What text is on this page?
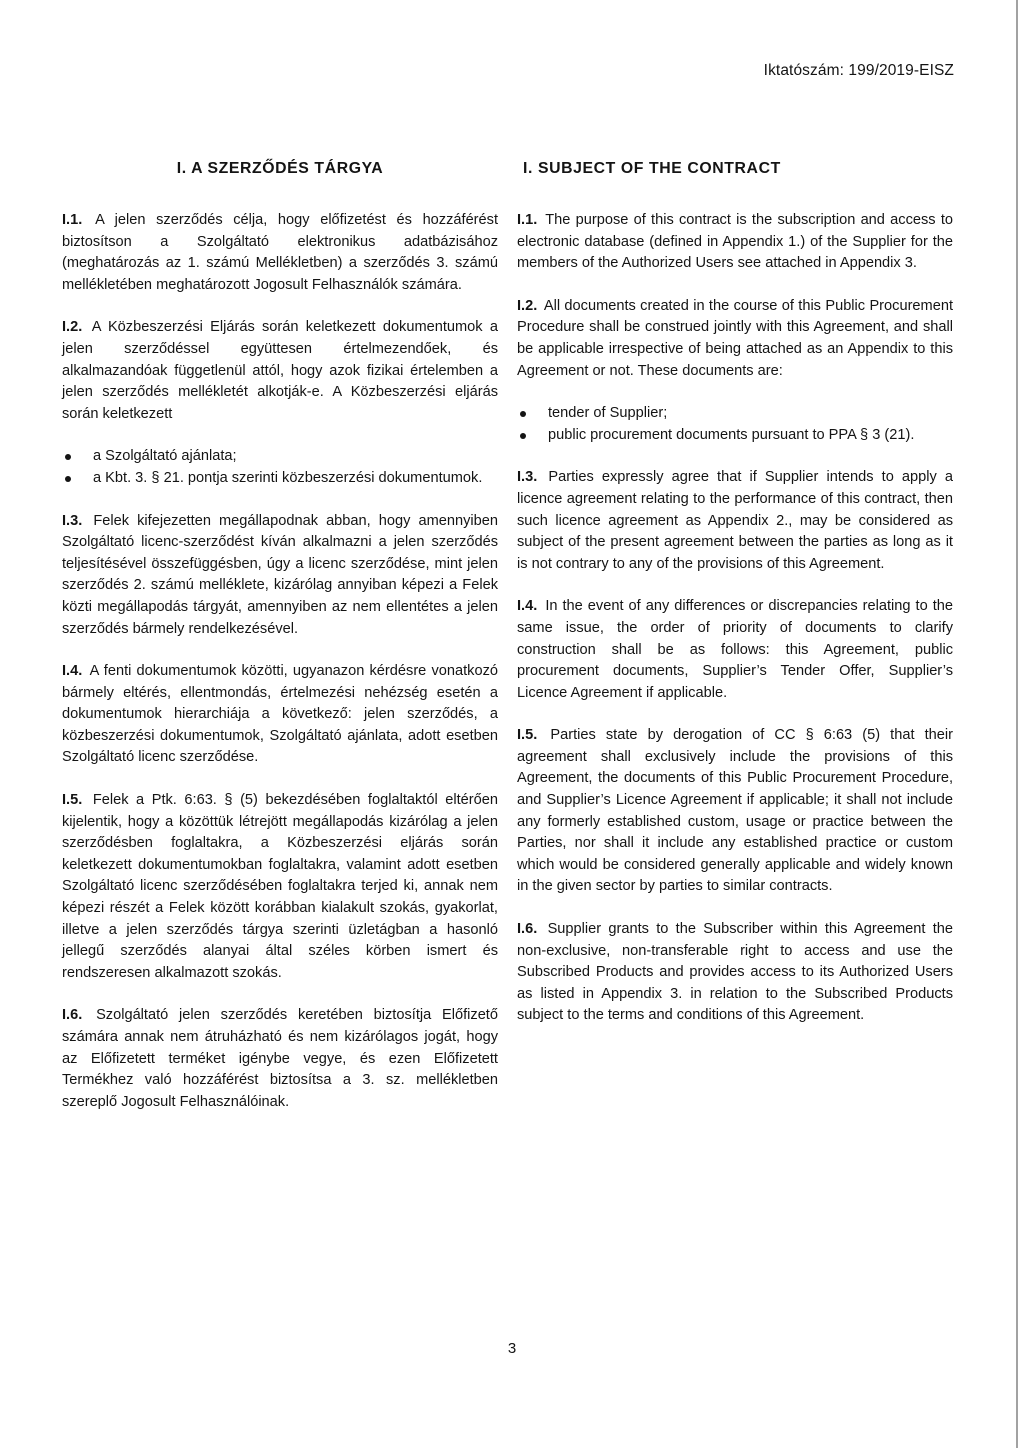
Iktatószám: 199/2019-EISZ
I. A SZERZŐDÉS TÁRGYA

I.1. A jelen szerződés célja, hogy előfizetést és hozzáférést biztosítson a Szolgáltató elektronikus adatbázisához (meghatározás az 1. számú Mellékletben) a szerződés 3. számú mellékletében meghatározott Jogosult Felhasználók számára.

I.2. A Közbeszerzési Eljárás során keletkezett dokumentumok a jelen szerződéssel együttesen értelmezendőek, és alkalmazandóak függetlenül attól, hogy azok fizikai értelemben a jelen szerződés mellékletét alkotják-e. A Közbeszerzési eljárás során keletkezett

a Szolgáltató ajánlata;
a Kbt. 3. § 21. pontja szerinti közbeszerzési dokumentumok.

I.3. Felek kifejezetten megállapodnak abban, hogy amennyiben Szolgáltató licenc-szerződést kíván alkalmazni a jelen szerződés teljesítésével összefüggésben, úgy a licenc szerződése, mint jelen szerződés 2. számú melléklete, kizárólag annyiban képezi a Felek közti megállapodás tárgyát, amennyiben az nem ellentétes a jelen szerződés bármely rendelkezésével.

I.4. A fenti dokumentumok közötti, ugyanazon kérdésre vonatkozó bármely eltérés, ellentmondás, értelmezési nehézség esetén a dokumentumok hierarchiája a következő: jelen szerződés, a közbeszerzési dokumentumok, Szolgáltató ajánlata, adott esetben Szolgáltató licenc szerződése.

I.5. Felek a Ptk. 6:63. § (5) bekezdésében foglaltaktól eltérően kijelentik, hogy a közöttük létrejött megállapodás kizárólag a jelen szerződésben foglaltakra, a Közbeszerzési eljárás során keletkezett dokumentumokban foglaltakra, valamint adott esetben Szolgáltató licenc szerződésében foglaltakra terjed ki, annak nem képezi részét a Felek között korábban kialakult szokás, gyakorlat, illetve a jelen szerződés tárgya szerinti üzletágban a hasonló jellegű szerződés alanyai által széles körben ismert és rendszeresen alkalmazott szokás.

I.6. Szolgáltató jelen szerződés keretében biztosítja Előfizető számára annak nem átruházható és nem kizárólagos jogát, hogy az Előfizetett terméket igénybe vegye, és ezen Előfizetett Termékhez való hozzáférést biztosítsa a 3. sz. mellékletben szereplő Jogosult Felhasználóinak.

I. SUBJECT OF THE CONTRACT

I.1. The purpose of this contract is the subscription and access to electronic database (defined in Appendix 1.) of the Supplier for the members of the Authorized Users see attached in Appendix 3.

I.2. All documents created in the course of this Public Procurement Procedure shall be construed jointly with this Agreement, and shall be applicable irrespective of being attached as an Appendix to this Agreement or not. These documents are:

tender of Supplier;
public procurement documents pursuant to PPA § 3 (21).

I.3. Parties expressly agree that if Supplier intends to apply a licence agreement relating to the performance of this contract, then such licence agreement as Appendix 2., may be considered as subject of the present agreement between the parties as long as it is not contrary to any of the provisions of this Agreement.

I.4. In the event of any differences or discrepancies relating to the same issue, the order of priority of documents to clarify construction shall be as follows: this Agreement, public procurement documents, Supplier’s Tender Offer, Supplier’s Licence Agreement if applicable.

I.5. Parties state by derogation of CC § 6:63 (5) that their agreement shall exclusively include the provisions of this Agreement, the documents of this Public Procurement Procedure, and Supplier’s Licence Agreement if applicable; it shall not include any formerly established custom, usage or practice between the Parties, nor shall it include any established practice or custom which would be considered generally applicable and widely known in the given sector by parties to similar contracts.

I.6. Supplier grants to the Subscriber within this Agreement the non-exclusive, non-transferable right to access and use the Subscribed Products and provides access to its Authorized Users as listed in Appendix 3. in relation to the Subscribed Products subject to the terms and conditions of this Agreement.

3
